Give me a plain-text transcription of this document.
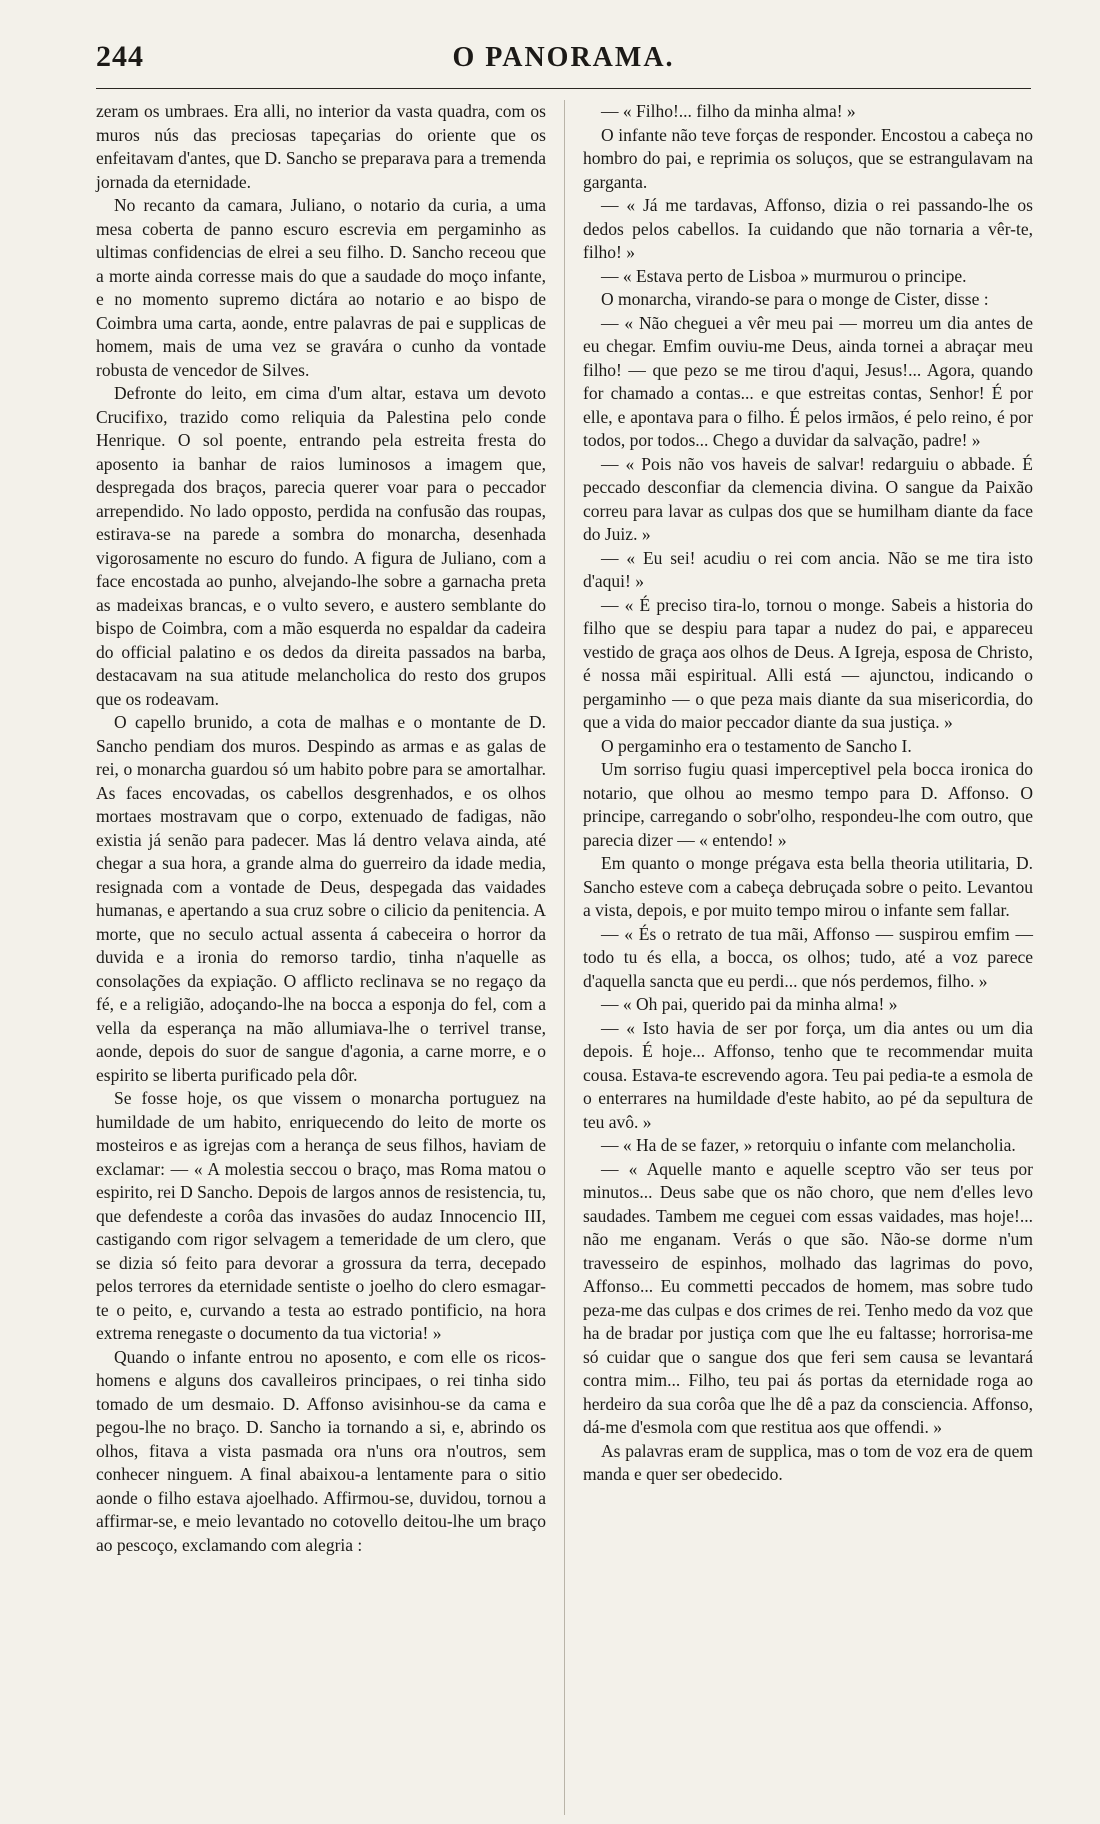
244	O PANORAMA.

zeram os umbraes. Era alli, no interior da vasta quadra, com os muros nús das preciosas tapeçarias do oriente que os enfeitavam d'antes, que D. Sancho se preparava para a tremenda jornada da eternidade.

No recanto da camara, Juliano, o notario da curia, a uma mesa coberta de panno escuro escrevia em pergaminho as ultimas confidencias de elrei a seu filho. D. Sancho receou que a morte ainda corresse mais do que a saudade do moço infante, e no momento supremo dictára ao notario e ao bispo de Coimbra uma carta, aonde, entre palavras de pai e supplicas de homem, mais de uma vez se gravára o cunho da vontade robusta de vencedor de Silves.

Defronte do leito, em cima d'um altar, estava um devoto Crucifixo, trazido como reliquia da Palestina pelo conde Henrique. O sol poente, entrando pela estreita fresta do aposento ia banhar de raios luminosos a imagem que, despregada dos braços, parecia querer voar para o peccador arrependido. No lado opposto, perdida na confusão das roupas, estirava-se na parede a sombra do monarcha, desenhada vigorosamente no escuro do fundo. A figura de Juliano, com a face encostada ao punho, alvejando-lhe sobre a garnacha preta as madeixas brancas, e o vulto severo, e austero semblante do bispo de Coimbra, com a mão esquerda no espaldar da cadeira do official palatino e os dedos da direita passados na barba, destacavam na sua atitude melancholica do resto dos grupos que os rodeavam.

O capello brunido, a cota de malhas e o montante de D. Sancho pendiam dos muros. Despindo as armas e as galas de rei, o monarcha guardou só um habito pobre para se amortalhar. As faces encovadas, os cabellos desgrenhados, e os olhos mortaes mostravam que o corpo, extenuado de fadigas, não existia já senão para padecer. Mas lá dentro velava ainda, até chegar a sua hora, a grande alma do guerreiro da idade media, resignada com a vontade de Deus, despegada das vaidades humanas, e apertando a sua cruz sobre o cilicio da penitencia. A morte, que no seculo actual assenta á cabeceira o horror da duvida e a ironia do remorso tardio, tinha n'aquelle as consolações da expiação. O afflicto reclinava se no regaço da fé, e a religião, adoçando-lhe na bocca a esponja do fel, com a vella da esperança na mão allumiava-lhe o terrivel transe, aonde, depois do suor de sangue d'agonia, a carne morre, e o espirito se liberta purificado pela dôr.

Se fosse hoje, os que vissem o monarcha portuguez na humildade de um habito, enriquecendo do leito de morte os mosteiros e as igrejas com a herança de seus filhos, haviam de exclamar: — « A molestia seccou o braço, mas Roma matou o espirito, rei D Sancho. Depois de largos annos de resistencia, tu, que defendeste a corôa das invasões do audaz Innocencio III, castigando com rigor selvagem a temeridade de um clero, que se dizia só feito para devorar a grossura da terra, decepado pelos terrores da eternidade sentiste o joelho do clero esmagar-te o peito, e, curvando a testa ao estrado pontificio, na hora extrema renegaste o documento da tua victoria! »

Quando o infante entrou no aposento, e com elle os ricos-homens e alguns dos cavalleiros principaes, o rei tinha sido tomado de um desmaio. D. Affonso avisinhou-se da cama e pegou-lhe no braço. D. Sancho ia tornando a si, e, abrindo os olhos, fitava a vista pasmada ora n'uns ora n'outros, sem conhecer ninguem. A final abaixou-a lentamente para o sitio aonde o filho estava ajoelhado. Affirmou-se, duvidou, tornou a affirmar-se, e meio levantado no cotovello deitou-lhe um braço ao pescoço, exclamando com alegria :

— « Filho!... filho da minha alma! »

O infante não teve forças de responder. Encostou a cabeça no hombro do pai, e reprimia os soluços, que se estrangulavam na garganta.

— « Já me tardavas, Affonso, dizia o rei passando-lhe os dedos pelos cabellos. Ia cuidando que não tornaria a vêr-te, filho! »

— « Estava perto de Lisboa » murmurou o principe.

O monarcha, virando-se para o monge de Cister, disse :

— « Não cheguei a vêr meu pai — morreu um dia antes de eu chegar. Emfim ouviu-me Deus, ainda tornei a abraçar meu filho! — que pezo se me tirou d'aqui, Jesus!... Agora, quando for chamado a contas... e que estreitas contas, Senhor! É por elle, e apontava para o filho. É pelos irmãos, é pelo reino, é por todos, por todos... Chego a duvidar da salvação, padre! »

— « Pois não vos haveis de salvar! redarguiu o abbade. É peccado desconfiar da clemencia divina. O sangue da Paixão correu para lavar as culpas dos que se humilham diante da face do Juiz. »

— « Eu sei! acudiu o rei com ancia. Não se me tira isto d'aqui! »

— « É preciso tira-lo, tornou o monge. Sabeis a historia do filho que se despiu para tapar a nudez do pai, e appareceu vestido de graça aos olhos de Deus. A Igreja, esposa de Christo, é nossa mãi espiritual. Alli está — ajunctou, indicando o pergaminho — o que peza mais diante da sua misericordia, do que a vida do maior peccador diante da sua justiça. »

O pergaminho era o testamento de Sancho I.

Um sorriso fugiu quasi imperceptivel pela bocca ironica do notario, que olhou ao mesmo tempo para D. Affonso. O principe, carregando o sobr'olho, respondeu-lhe com outro, que parecia dizer — « entendo! »

Em quanto o monge prégava esta bella theoria utilitaria, D. Sancho esteve com a cabeça debruçada sobre o peito. Levantou a vista, depois, e por muito tempo mirou o infante sem fallar.

— « És o retrato de tua mãi, Affonso — suspirou emfim — todo tu és ella, a bocca, os olhos; tudo, até a voz parece d'aquella sancta que eu perdi... que nós perdemos, filho. »

— « Oh pai, querido pai da minha alma! »

— « Isto havia de ser por força, um dia antes ou um dia depois. É hoje... Affonso, tenho que te recommendar muita cousa. Estava-te escrevendo agora. Teu pai pedia-te a esmola de o enterrares na humildade d'este habito, ao pé da sepultura de teu avô. »

— « Ha de se fazer, » retorquiu o infante com melancholia.

— « Aquelle manto e aquelle sceptro vão ser teus por minutos... Deus sabe que os não choro, que nem d'elles levo saudades. Tambem me ceguei com essas vaidades, mas hoje!... não me enganam. Verás o que são. Não-se dorme n'um travesseiro de espinhos, molhado das lagrimas do povo, Affonso... Eu commetti peccados de homem, mas sobre tudo peza-me das culpas e dos crimes de rei. Tenho medo da voz que ha de bradar por justiça com que lhe eu faltasse; horrorisa-me só cuidar que o sangue dos que feri sem causa se levantará contra mim... Filho, teu pai ás portas da eternidade roga ao herdeiro da sua corôa que lhe dê a paz da consciencia. Affonso, dá-me d'esmola com que restitua aos que offendi. »

As palavras eram de supplica, mas o tom de voz era de quem manda e quer ser obedecido.
